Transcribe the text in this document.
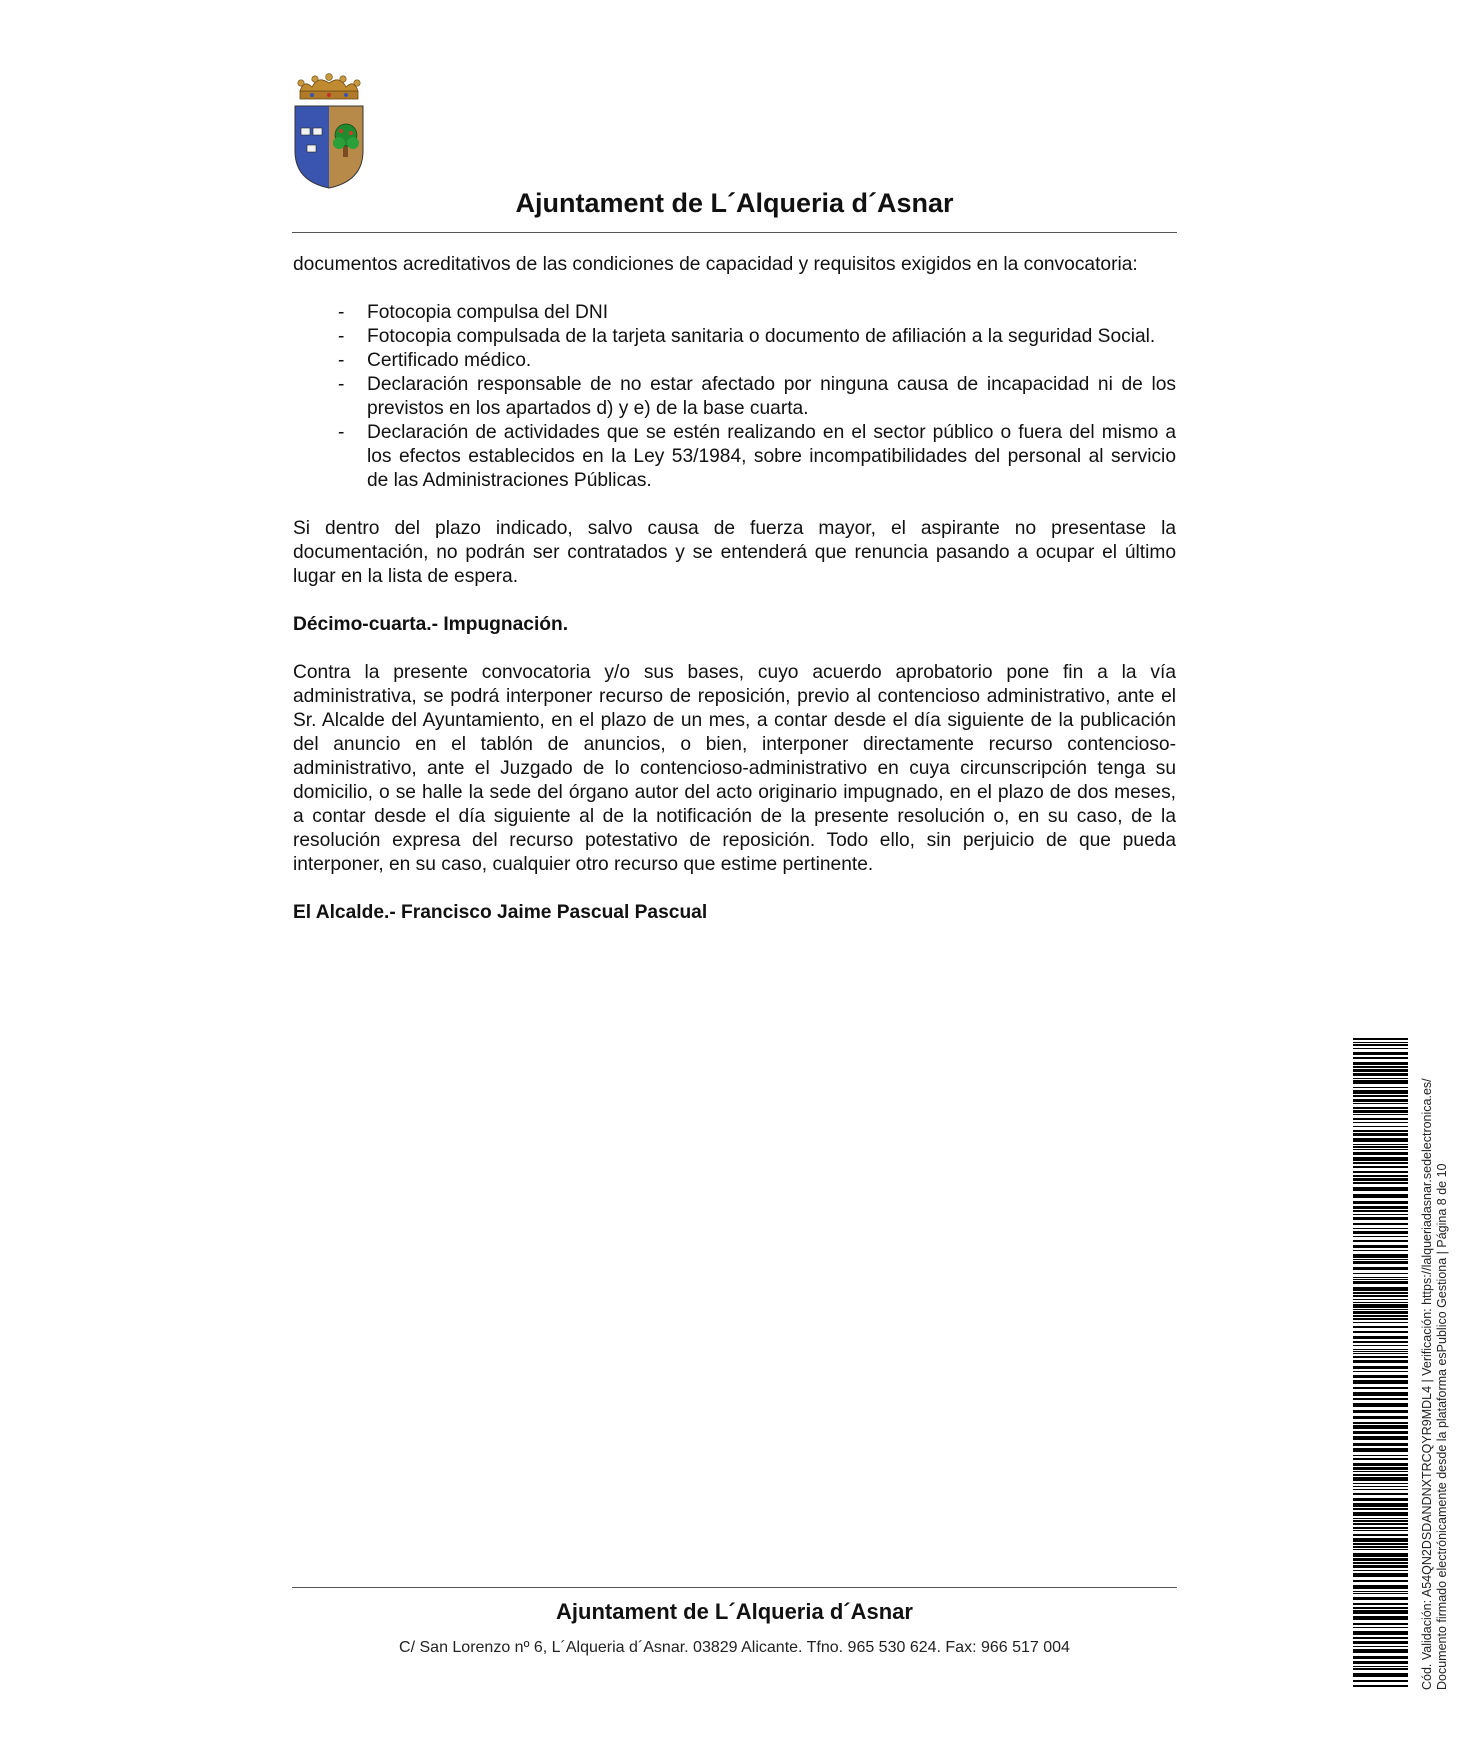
Ajuntament de L´Alqueria d´Asnar

documentos acreditativos de las condiciones de capacidad y requisitos exigidos en la convocatoria:

- Fotocopia compulsa del DNI
- Fotocopia compulsada de la tarjeta sanitaria o documento de afiliación a la seguridad Social.
- Certificado médico.
- Declaración responsable de no estar afectado por ninguna causa de incapacidad ni de los previstos en los apartados d) y e) de la base cuarta.
- Declaración de actividades que se estén realizando en el sector público o fuera del mismo a los efectos establecidos en la Ley 53/1984, sobre incompatibilidades del personal al servicio de las Administraciones Públicas.

Si dentro del plazo indicado, salvo causa de fuerza mayor, el aspirante no presentase la documentación, no podrán ser contratados y se entenderá que renuncia pasando a ocupar el último lugar en la lista de espera.

Décimo-cuarta.- Impugnación.

Contra la presente convocatoria y/o sus bases, cuyo acuerdo aprobatorio pone fin a la vía administrativa, se podrá interponer recurso de reposición, previo al contencioso administrativo, ante el Sr. Alcalde del Ayuntamiento, en el plazo de un mes, a contar desde el día siguiente de la publicación del anuncio en el tablón de anuncios, o bien, interponer directamente recurso contencioso-administrativo, ante el Juzgado de lo contencioso-administrativo en cuya circunscripción tenga su domicilio, o se halle la sede del órgano autor del acto originario impugnado, en el plazo de dos meses, a contar desde el día siguiente al de la notificación de la presente resolución o, en su caso, de la resolución expresa del recurso potestativo de reposición. Todo ello, sin perjuicio de que pueda interponer, en su caso, cualquier otro recurso que estime pertinente.

El Alcalde.- Francisco Jaime Pascual Pascual

Ajuntament de L´Alqueria d´Asnar
C/ San Lorenzo nº 6, L´Alqueria d´Asnar. 03829 Alicante. Tfno. 965 530 624. Fax: 966 517 004	Cód. Validación: A54QN2DSDANDNXTRCQYR9MDL4 | Verificación: https://lalqueriadasnar.sedelectronica.es/ Documento firmado electrónicamente desde la plataforma esPublico Gestiona | Página 8 de 10
